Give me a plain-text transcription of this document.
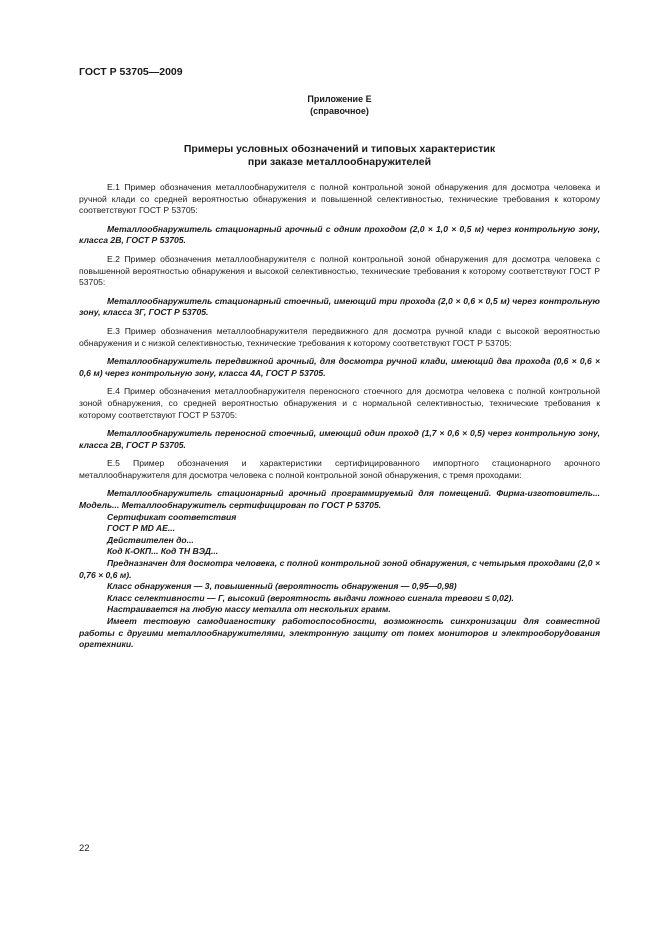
ГОСТ Р 53705—2009
Приложение Е
(справочное)
Примеры условных обозначений и типовых характеристик
при заказе металлообнаружителей

Е.1 Пример обозначения металлообнаружителя с полной контрольной зоной обнаружения для досмотра человека и ручной клади со средней вероятностью обнаружения и повышенной селективностью, технические требования к которому соответствуют ГОСТ Р 53705:

Металлообнаружитель стационарный арочный с одним проходом (2,0 × 1,0 × 0,5 м) через контрольную зону, класса 2В, ГОСТ Р 53705.

Е.2 Пример обозначения металлообнаружителя с полной контрольной зоной обнаружения для досмотра человека с повышенной вероятностью обнаружения и высокой селективностью, технические требования к которому соответствуют ГОСТ Р 53705:

Металлообнаружитель стационарный стоечный, имеющий три прохода (2,0 × 0,6 × 0,5 м) через контрольную зону, класса 3Г, ГОСТ Р 53705.

Е.3 Пример обозначения металлообнаружителя передвижного для досмотра ручной клади с высокой вероятностью обнаружения и с низкой селективностью, технические требования к которому соответствуют ГОСТ Р 53705:

Металлообнаружитель передвижной арочный, для досмотра ручной клади, имеющий два прохода (0,6 × 0,6 × 0,6 м) через контрольную зону, класса 4А, ГОСТ Р 53705.

Е.4 Пример обозначения металлообнаружителя переносного стоечного для досмотра человека с полной контрольной зоной обнаружения, со средней вероятностью обнаружения и с нормальной селективностью, технические требования к которому соответствуют ГОСТ Р 53705:

Металлообнаружитель переносной стоечный, имеющий один проход (1,7 × 0,6 × 0,5) через контрольную зону, класса 2В, ГОСТ Р 53705.

Е.5 Пример обозначения и характеристики сертифицированного импортного стационарного арочного металлообнаружителя для досмотра человека с полной контрольной зоной обнаружения, с тремя проходами:

Металлообнаружитель стационарный арочный программируемый для помещений. Фирма-изготовитель... Модель... Металлообнаружитель сертифицирован по ГОСТ Р 53705.

Сертификат соответствия

ГОСТ Р MD AE...

Действителен до...

Код К-ОКП... Код ТН ВЭД...

Предназначен для досмотра человека, с полной контрольной зоной обнаружения, с четырьмя проходами (2,0 × 0,76 × 0,6 м).

Класс обнаружения — 3, повышенный (вероятность обнаружения — 0,95—0,98)

Класс селективности — Г, высокий (вероятность выдачи ложного сигнала тревоги ≤ 0,02).

Настраивается на любую массу металла от нескольких грамм.

Имеет тестовую самодиагностику работоспособности, возможность синхронизации для совместной работы с другими металлообнаружителями, электронную защиту от помех мониторов и электрооборудования оргтехники.

22
